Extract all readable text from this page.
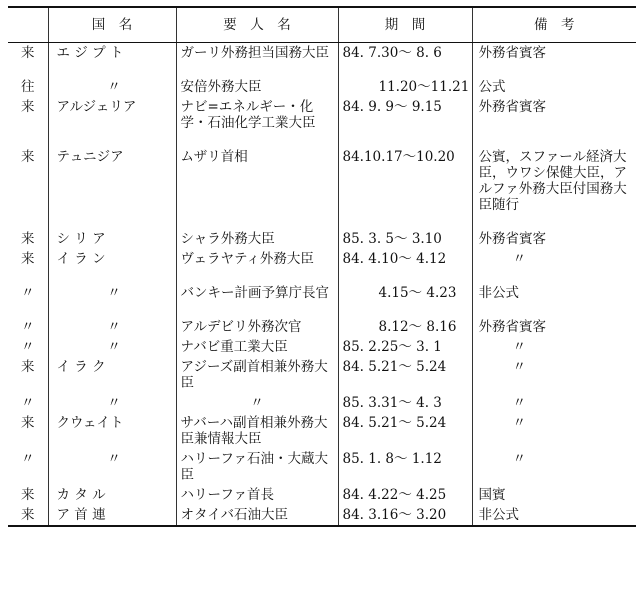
	国　名	要　人　名	期　間	備　考
来	エ ジ プ ト	ガーリ外務担当国務大臣	84. 7.30〜 8. 6	外務省賓客
往	〃	安倍外務大臣	11.20〜11.21	公式
来	アルジェリア	ナビ=エネルギー・化学・石油化学工業大臣	84. 9. 9〜 9.15	外務省賓客
来	テュニジア	ムザリ首相	84.10.17〜10.20	公賓，スファール経済大臣，ウワシ保健大臣，アルファ外務大臣付国務大臣随行
来	シ リ ア	シャラ外務大臣	85. 3. 5〜 3.10	外務省賓客
来	イ ラ ン	ヴェラヤティ外務大臣	84. 4.10〜 4.12	〃
〃	〃	バンキー計画予算庁長官	4.15〜 4.23	非公式
〃	〃	アルデビリ外務次官	8.12〜 8.16	外務省賓客
〃	〃	ナバビ重工業大臣	85. 2.25〜 3. 1	〃
来	イ ラ ク	アジーズ副首相兼外務大臣	84. 5.21〜 5.24	〃
〃	〃	〃	85. 3.31〜 4. 3	〃
来	クウェイト	サバーハ副首相兼外務大臣兼情報大臣	84. 5.21〜 5.24	〃
〃	〃	ハリーファ石油・大蔵大臣	85. 1. 8〜 1.12	〃
来	カ タ ル	ハリーファ首長	84. 4.22〜 4.25	国賓
来	ア 首 連	オタイバ石油大臣	84. 3.16〜 3.20	非公式
